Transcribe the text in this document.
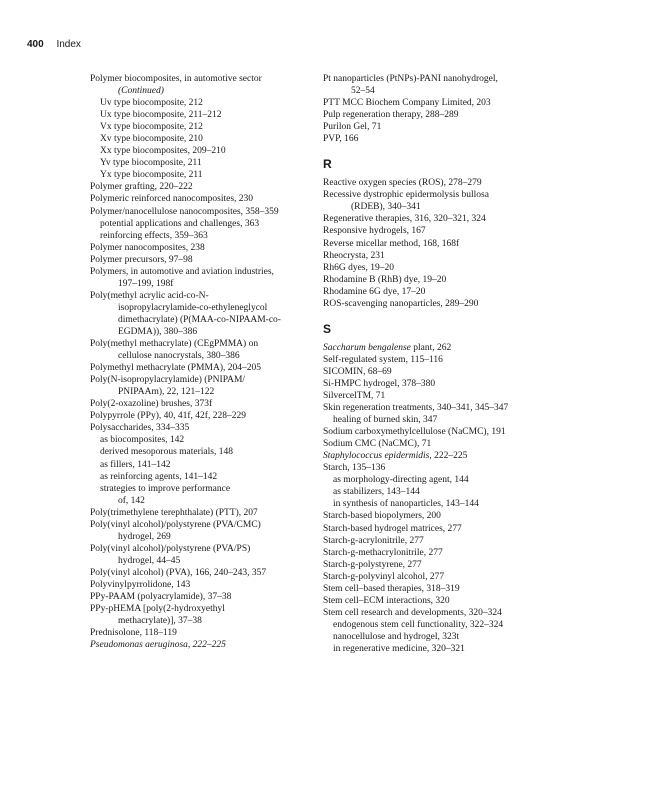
400 Index
Polymer biocomposites, in automotive sector
(Continued)
Uv type biocomposite, 212
Ux type biocomposite, 211–212
Vx type biocomposite, 212
Xv type biocomposite, 210
Xx type biocomposites, 209–210
Yv type biocomposite, 211
Yx type biocomposite, 211
Polymer grafting, 220–222
Polymeric reinforced nanocomposites, 230
Polymer/nanocellulose nanocomposites, 358–359
potential applications and challenges, 363
reinforcing effects, 359–363
Polymer nanocomposites, 238
Polymer precursors, 97–98
Polymers, in automotive and aviation industries,
197–199, 198f
Poly(methyl acrylic acid-co-N-
isopropylacrylamide-co-ethyleneglycol
dimethacrylate) (P(MAA-co-NIPAAM-co-
EGDMA)), 380–386
Poly(methyl methacrylate) (CEgPMMA) on
cellulose nanocrystals, 380–386
Polymethyl methacrylate (PMMA), 204–205
Poly(N-isopropylacrylamide) (PNIPAM/
PNIPAAm), 22, 121–122
Poly(2-oxazoline) brushes, 373f
Polypyrrole (PPy), 40, 41f, 42f, 228–229
Polysaccharides, 334–335
as biocomposites, 142
derived mesoporous materials, 148
as fillers, 141–142
as reinforcing agents, 141–142
strategies to improve performance
of, 142
Poly(trimethylene terephthalate) (PTT), 207
Poly(vinyl alcohol)/polystyrene (PVA/CMC)
hydrogel, 269
Poly(vinyl alcohol)/polystyrene (PVA/PS)
hydrogel, 44–45
Poly(vinyl alcohol) (PVA), 166, 240–243, 357
Polyvinylpyrrolidone, 143
PPy-PAAM (polyacrylamide), 37–38
PPy-pHEMA [poly(2-hydroxyethyl
methacrylate)], 37–38
Prednisolone, 118–119
Pseudomonas aeruginosa, 222–225
Pt nanoparticles (PtNPs)-PANI nanohydrogel,
52–54
PTT MCC Biochem Company Limited, 203
Pulp regeneration therapy, 288–289
Purilon Gel, 71
PVP, 166
R
Reactive oxygen species (ROS), 278–279
Recessive dystrophic epidermolysis bullosa
(RDEB), 340–341
Regenerative therapies, 316, 320–321, 324
Responsive hydrogels, 167
Reverse micellar method, 168, 168f
Rheocrysta, 231
Rh6G dyes, 19–20
Rhodamine B (RhB) dye, 19–20
Rhodamine 6G dye, 17–20
ROS-scavenging nanoparticles, 289–290
S
Saccharum bengalense plant, 262
Self-regulated system, 115–116
SICOMIN, 68–69
Si-HMPC hydrogel, 378–380
SilvercelTM, 71
Skin regeneration treatments, 340–341, 345–347
healing of burned skin, 347
Sodium carboxymethylcellulose (NaCMC), 191
Sodium CMC (NaCMC), 71
Staphylococcus epidermidis, 222–225
Starch, 135–136
as morphology-directing agent, 144
as stabilizers, 143–144
in synthesis of nanoparticles, 143–144
Starch-based biopolymers, 200
Starch-based hydrogel matrices, 277
Starch-g-acrylonitrile, 277
Starch-g-methacrylonitrile, 277
Starch-g-polystyrene, 277
Starch-g-polyvinyl alcohol, 277
Stem cell–based therapies, 318–319
Stem cell–ECM interactions, 320
Stem cell research and developments, 320–324
endogenous stem cell functionality, 322–324
nanocellulose and hydrogel, 323t
in regenerative medicine, 320–321
